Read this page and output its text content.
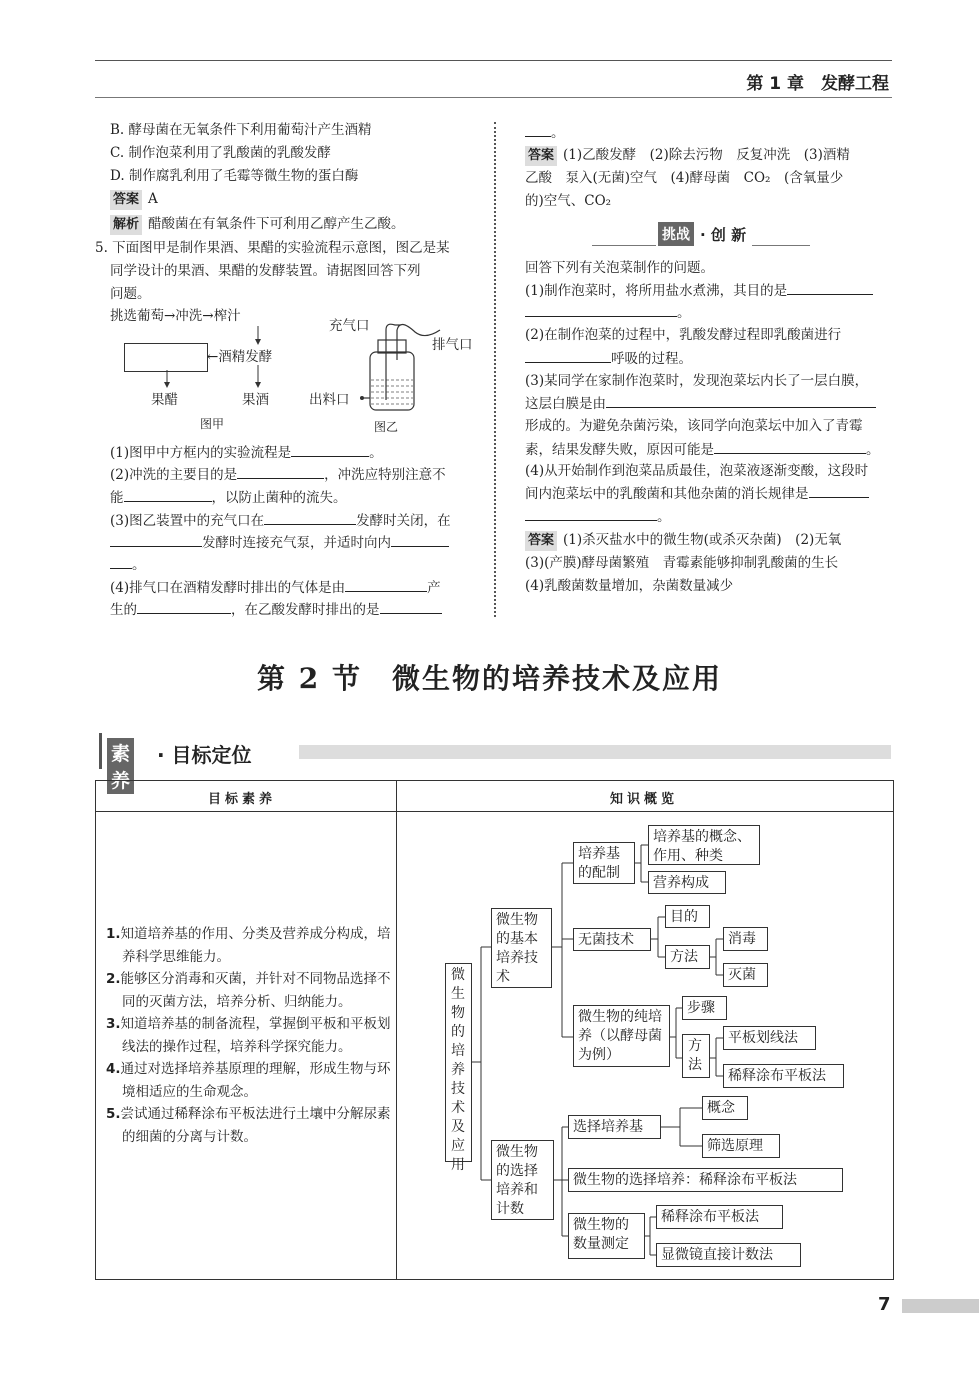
第 1 章　发酵工程
B. 酵母菌在无氧条件下利用葡萄汁产生酒精
C. 制作泡菜利用了乳酸菌的乳酸发酵
D. 制作腐乳利用了毛霉等微生物的蛋白酶
答案 A
解析 醋酸菌在有氧条件下可利用乙醇产生乙酸。
5. 下面图甲是制作果酒、果醋的实验流程示意图，图乙是某
同学设计的果酒、果醋的发酵装置。请据图回答下列
问题。
挑选葡萄→冲洗→榨汁
←酒精发酵
果醋	果酒
图甲
充气口
排气口
出料口
图乙
(1)图甲中方框内的实验流程是	。
(2)冲洗的主要目的是	，冲洗应特别注意不
能	，以防止菌种的流失。
(3)图乙装置中的充气口在	发酵时关闭，在
发酵时连接充气泵，并适时向内
。
(4)排气口在酒精发酵时排出的气体是由	产
生的	，在乙酸发酵时排出的是
。
答案 (1)乙酸发酵　(2)除去污物　反复冲洗　(3)酒精
乙酸　泵入(无菌)空气　(4)酵母菌　CO₂　(含氧量少
的)空气、CO₂
挑战 · 创 新
回答下列有关泡菜制作的问题。
(1)制作泡菜时，将所用盐水煮沸，其目的是
。
(2)在制作泡菜的过程中，乳酸发酵过程即乳酸菌进行
呼吸的过程。
(3)某同学在家制作泡菜时，发现泡菜坛内长了一层白膜，
这层白膜是由
形成的。为避免杂菌污染，该同学向泡菜坛中加入了青霉
素，结果发酵失败，原因可能是	。
(4)从开始制作到泡菜品质最佳，泡菜液逐渐变酸，这段时
间内泡菜坛中的乳酸菌和其他杂菌的消长规律是
。
答案 (1)杀灭盐水中的微生物(或杀灭杂菌)　(2)无氧
(3)(产膜)酵母菌繁殖　青霉素能够抑制乳酸菌的生长
(4)乳酸菌数量增加，杂菌数量减少
第 2 节　微生物的培养技术及应用
素养
· 目标定位
目标素养	知识概览
1.知道培养基的作用、分类及营养成分构成，培养科学思维能力。
2.能够区分消毒和灭菌，并针对不同物品选择不同的灭菌方法，培养分析、归纳能力。
3.知道培养基的制备流程，掌握倒平板和平板划线法的操作过程，培养科学探究能力。
4.通过对选择培养基原理的理解，形成生物与环境相适应的生命观念。
5.尝试通过稀释涂布平板法进行土壤中分解尿素的细菌的分离与计数。
微生物的培养技术及应用
微生物的基本培养技术
培养基的配制
培养基的概念、作用、种类
营养构成
无菌技术
目的
方法
消毒
灭菌
微生物的纯培养（以酵母菌为例）
步骤
方法
平板划线法
稀释涂布平板法
微生物的选择培养和计数
选择培养基
概念
筛选原理
微生物的选择培养：稀释涂布平板法
微生物的数量测定
稀释涂布平板法
显微镜直接计数法
7
